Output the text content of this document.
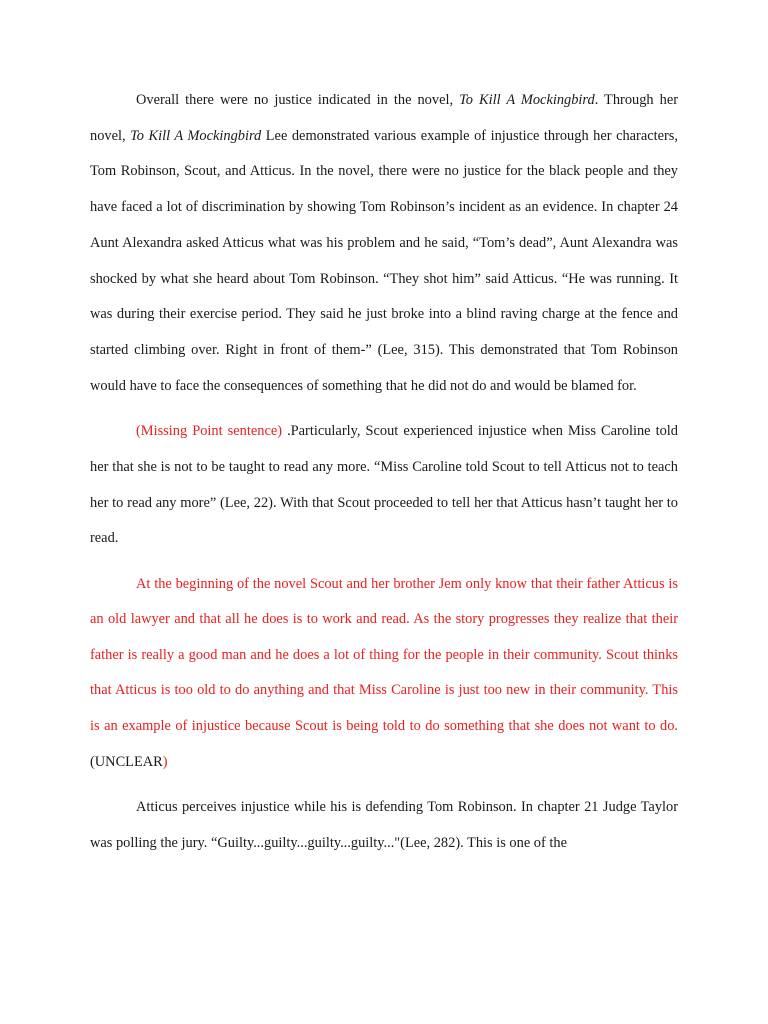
Overall there were no justice indicated in the novel, To Kill A Mockingbird. Through her novel, To Kill A Mockingbird Lee demonstrated various example of injustice through her characters, Tom Robinson, Scout, and Atticus. In the novel, there were no justice for the black people and they have faced a lot of discrimination by showing Tom Robinson’s incident as an evidence. In chapter 24 Aunt Alexandra asked Atticus what was his problem and he said, “Tom’s dead”, Aunt Alexandra was shocked by what she heard about Tom Robinson. “They shot him” said Atticus. “He was running. It was during their exercise period. They said he just broke into a blind raving charge at the fence and started climbing over. Right in front of them-” (Lee, 315). This demonstrated that Tom Robinson would have to face the consequences of something that he did not do and would be blamed for.

(Missing Point sentence) .Particularly, Scout experienced injustice when Miss Caroline told her that she is not to be taught to read any more. “Miss Caroline told Scout to tell Atticus not to teach her to read any more” (Lee, 22). With that Scout proceeded to tell her that Atticus hasn’t taught her to read.

At the beginning of the novel Scout and her brother Jem only know that their father Atticus is an old lawyer and that all he does is to work and read. As the story progresses they realize that their father is really a good man and he does a lot of thing for the people in their community. Scout thinks that Atticus is too old to do anything and that Miss Caroline is just too new in their community. This is an example of injustice because Scout is being told to do something that she does not want to do. (UNCLEAR)

Atticus perceives injustice while his is defending Tom Robinson. In chapter 21 Judge Taylor was polling the jury. “Guilty...guilty...guilty...guilty..."(Lee, 282). This is one of the
